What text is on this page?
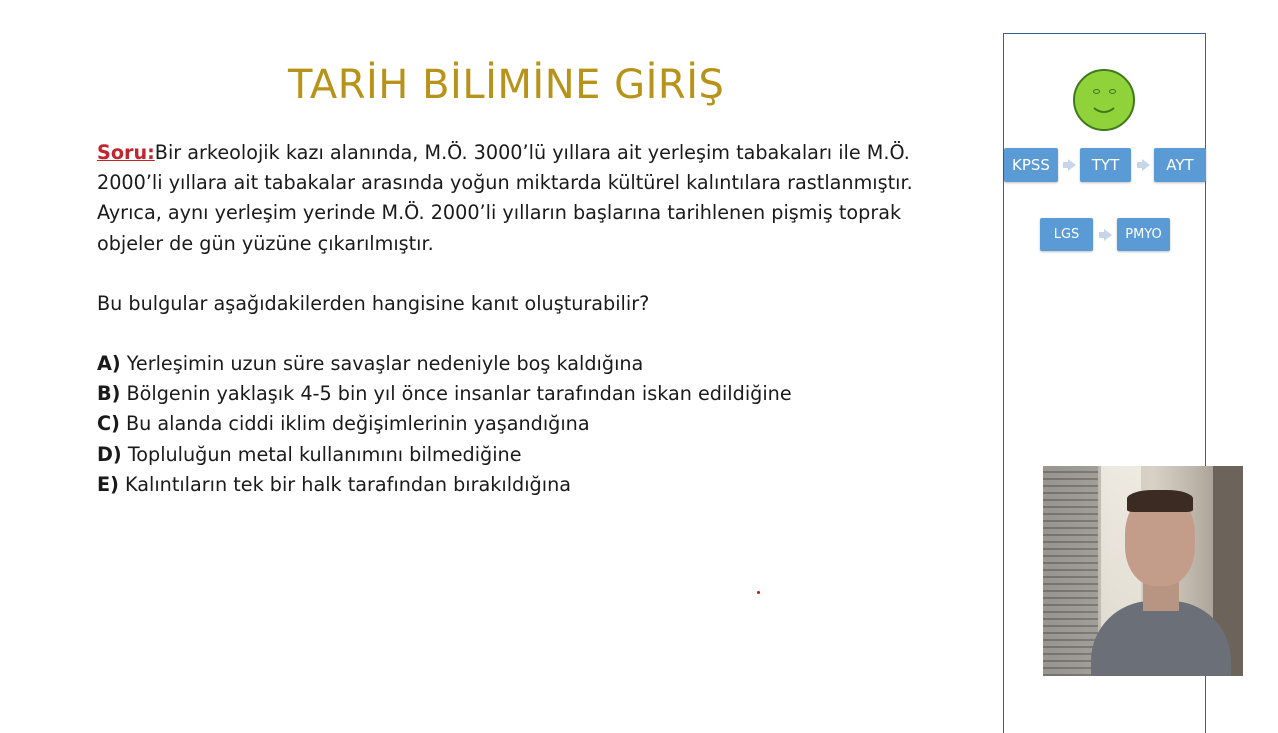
TARİH BİLİMİNE GİRİŞ

Soru:Bir arkeolojik kazı alanında, M.Ö. 3000’lü yıllara ait yerleşim tabakaları ile M.Ö.

2000’li yıllara ait tabakalar arasında yoğun miktarda kültürel kalıntılara rastlanmıştır.

Ayrıca, aynı yerleşim yerinde M.Ö. 2000’li yılların başlarına tarihlenen pişmiş toprak

objeler de gün yüzüne çıkarılmıştır.

Bu bulgular aşağıdakilerden hangisine kanıt oluşturabilir?

A) Yerleşimin uzun süre savaşlar nedeniyle boş kaldığına
B) Bölgenin yaklaşık 4-5 bin yıl önce insanlar tarafından iskan edildiğine
C) Bu alanda ciddi iklim değişimlerinin yaşandığına
D) Topluluğun metal kullanımını bilmediğine
E) Kalıntıların tek bir halk tarafından bırakıldığına
KPSS	TYT	AYT
LGS	PMYO
